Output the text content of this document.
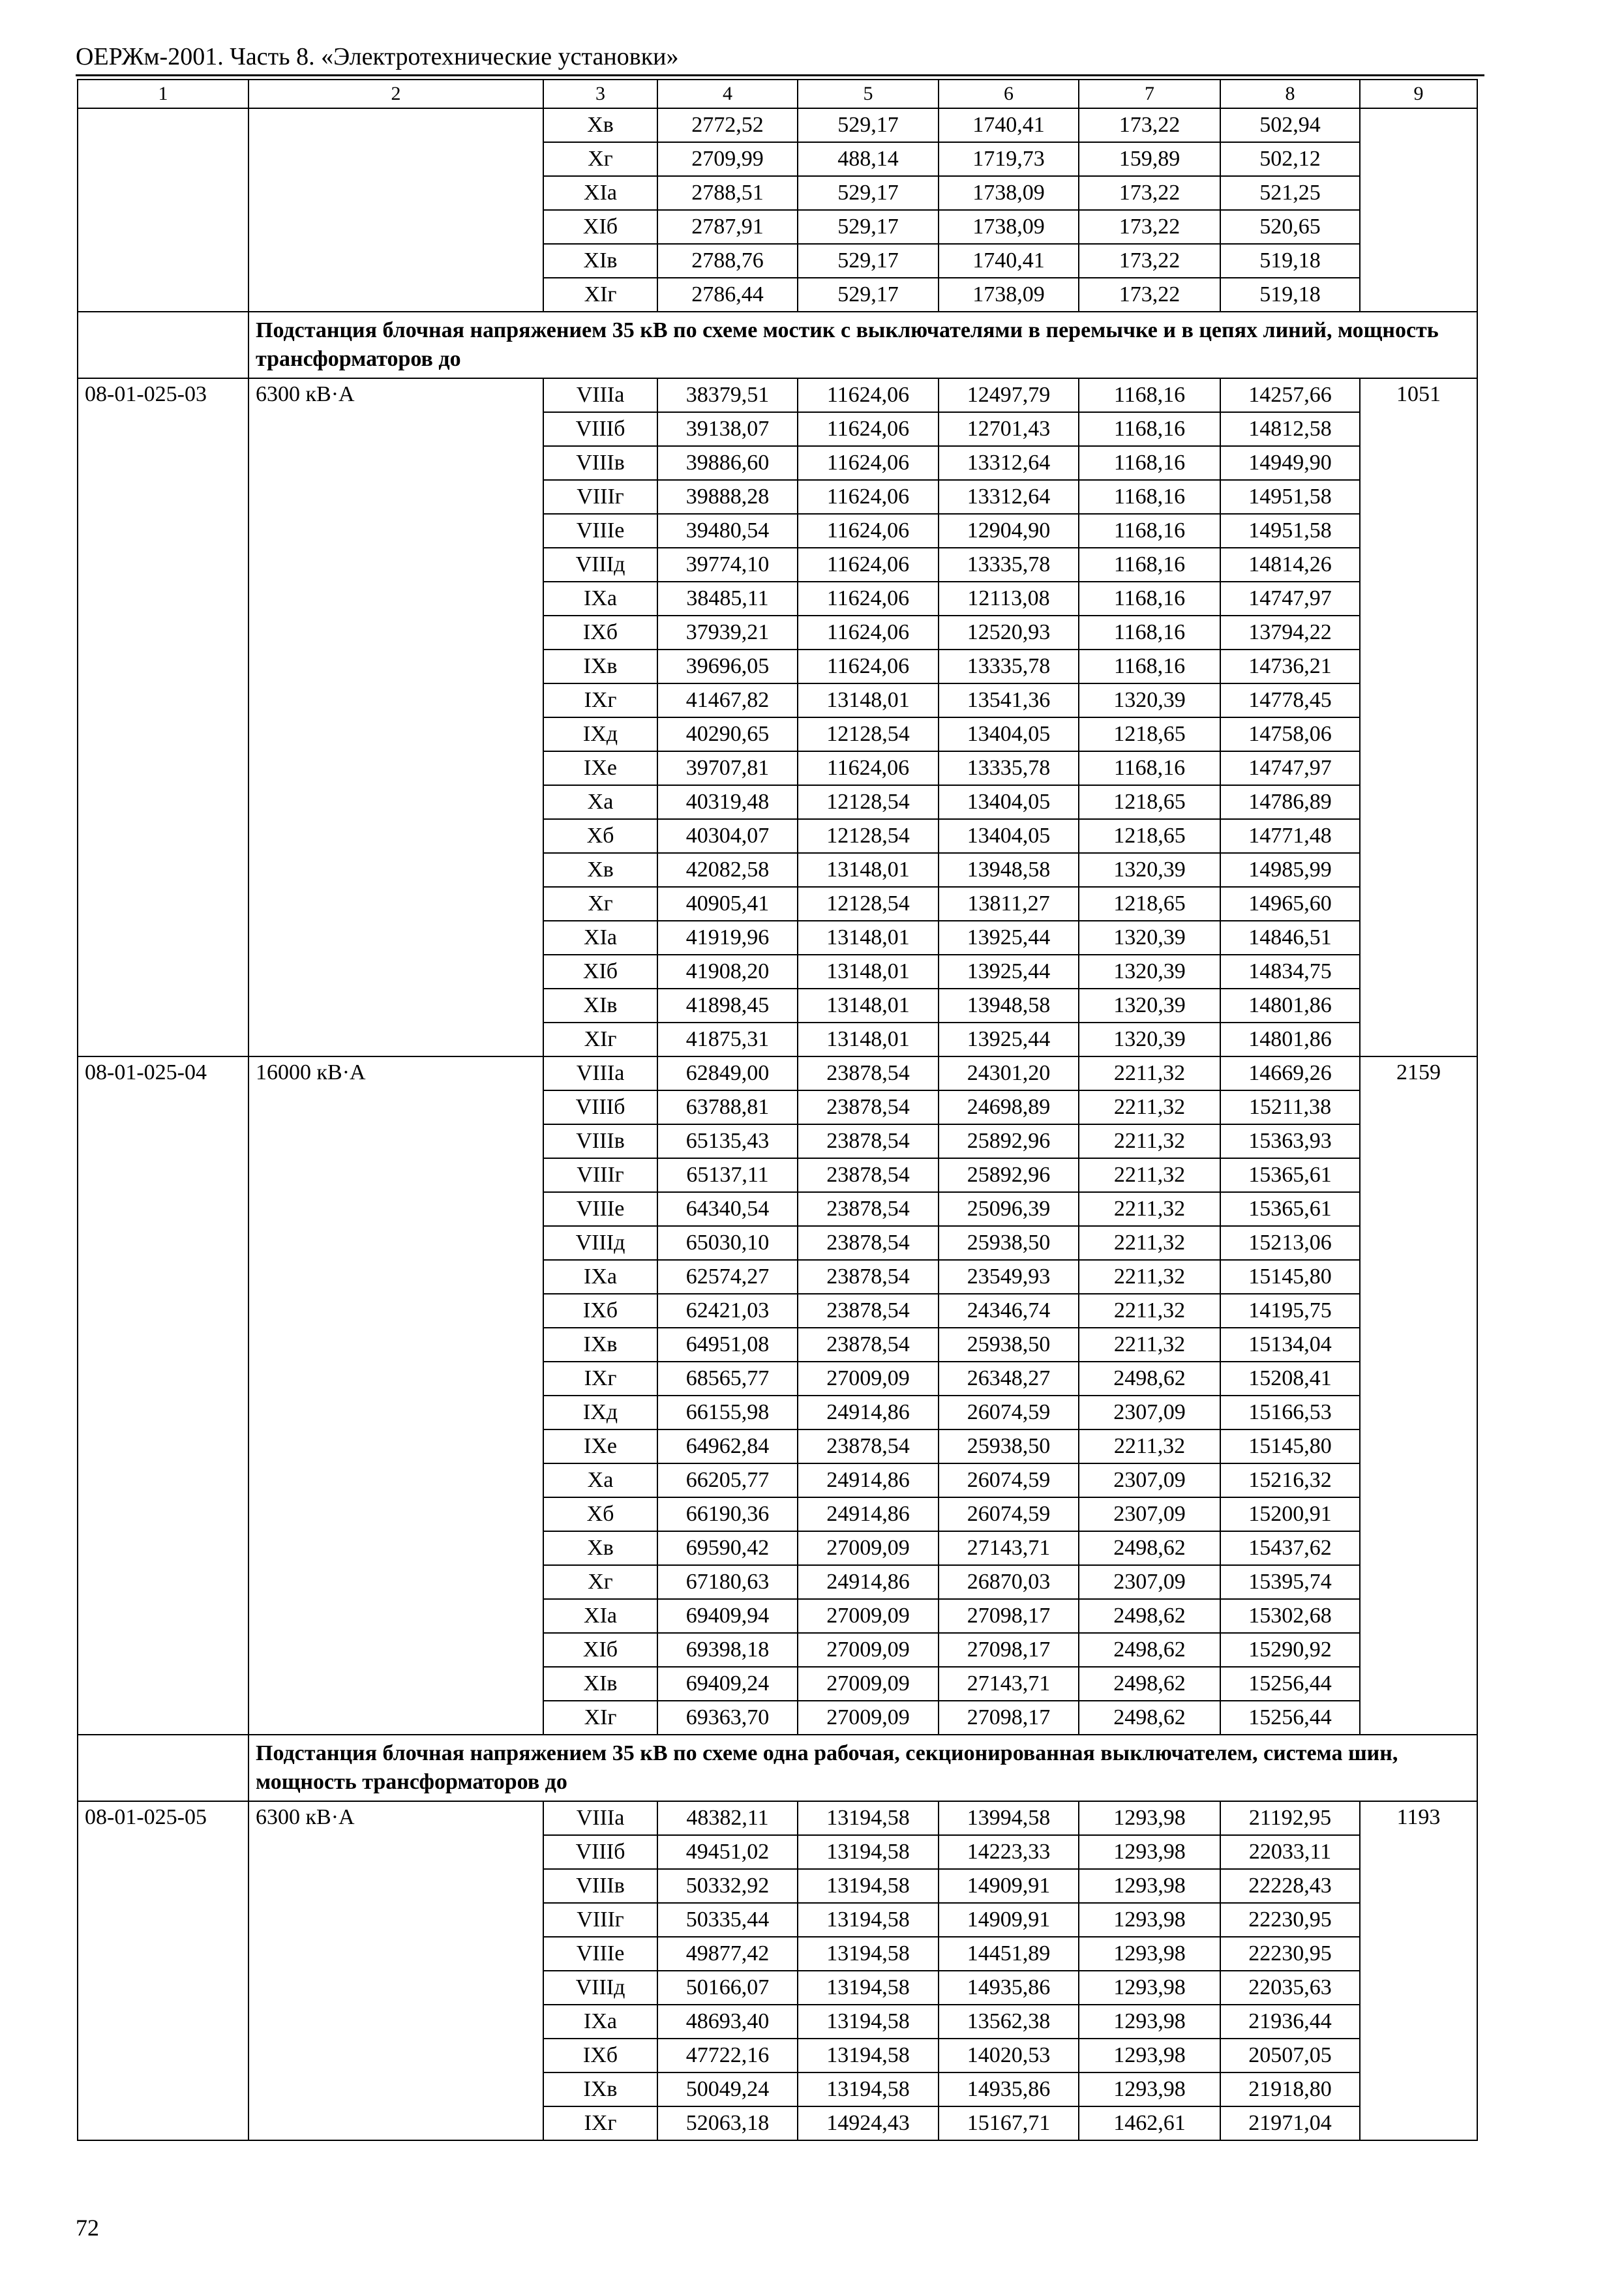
ОЕРЖм-2001. Часть 8. «Электротехнические установки»
1	2	3	4	5	6	7	8	9
		Хв	2772,52	529,17	1740,41	173,22	502,94	
		Хг	2709,99	488,14	1719,73	159,89	502,12	
		ХIа	2788,51	529,17	1738,09	173,22	521,25	
		ХIб	2787,91	529,17	1738,09	173,22	520,65	
		ХIв	2788,76	529,17	1740,41	173,22	519,18	
		ХIг	2786,44	529,17	1738,09	173,22	519,18	
	Подстанция блочная напряжением 35 кВ по схеме мостик с выключателями в перемычке и в цепях линий, мощность трансформаторов до							
08-01-025-03	6300 кВ·А	VIIIа	38379,51	11624,06	12497,79	1168,16	14257,66	1051
		VIIIб	39138,07	11624,06	12701,43	1168,16	14812,58	
		VIIIв	39886,60	11624,06	13312,64	1168,16	14949,90	
		VIIIг	39888,28	11624,06	13312,64	1168,16	14951,58	
		VIIIе	39480,54	11624,06	12904,90	1168,16	14951,58	
		VIIIд	39774,10	11624,06	13335,78	1168,16	14814,26	
		IХа	38485,11	11624,06	12113,08	1168,16	14747,97	
		IХб	37939,21	11624,06	12520,93	1168,16	13794,22	
		IХв	39696,05	11624,06	13335,78	1168,16	14736,21	
		IХг	41467,82	13148,01	13541,36	1320,39	14778,45	
		IХд	40290,65	12128,54	13404,05	1218,65	14758,06	
		IХе	39707,81	11624,06	13335,78	1168,16	14747,97	
		Ха	40319,48	12128,54	13404,05	1218,65	14786,89	
		Хб	40304,07	12128,54	13404,05	1218,65	14771,48	
		Хв	42082,58	13148,01	13948,58	1320,39	14985,99	
		Хг	40905,41	12128,54	13811,27	1218,65	14965,60	
		ХIа	41919,96	13148,01	13925,44	1320,39	14846,51	
		ХIб	41908,20	13148,01	13925,44	1320,39	14834,75	
		ХIв	41898,45	13148,01	13948,58	1320,39	14801,86	
		ХIг	41875,31	13148,01	13925,44	1320,39	14801,86	
08-01-025-04	16000 кВ·А	VIIIа	62849,00	23878,54	24301,20	2211,32	14669,26	2159
		VIIIб	63788,81	23878,54	24698,89	2211,32	15211,38	
		VIIIв	65135,43	23878,54	25892,96	2211,32	15363,93	
		VIIIг	65137,11	23878,54	25892,96	2211,32	15365,61	
		VIIIе	64340,54	23878,54	25096,39	2211,32	15365,61	
		VIIIд	65030,10	23878,54	25938,50	2211,32	15213,06	
		IХа	62574,27	23878,54	23549,93	2211,32	15145,80	
		IХб	62421,03	23878,54	24346,74	2211,32	14195,75	
		IХв	64951,08	23878,54	25938,50	2211,32	15134,04	
		IХг	68565,77	27009,09	26348,27	2498,62	15208,41	
		IХд	66155,98	24914,86	26074,59	2307,09	15166,53	
		IХе	64962,84	23878,54	25938,50	2211,32	15145,80	
		Ха	66205,77	24914,86	26074,59	2307,09	15216,32	
		Хб	66190,36	24914,86	26074,59	2307,09	15200,91	
		Хв	69590,42	27009,09	27143,71	2498,62	15437,62	
		Хг	67180,63	24914,86	26870,03	2307,09	15395,74	
		ХIа	69409,94	27009,09	27098,17	2498,62	15302,68	
		ХIб	69398,18	27009,09	27098,17	2498,62	15290,92	
		ХIв	69409,24	27009,09	27143,71	2498,62	15256,44	
		ХIг	69363,70	27009,09	27098,17	2498,62	15256,44	
	Подстанция блочная напряжением 35 кВ по схеме одна рабочая, секционированная выключателем, система шин, мощность трансформаторов до							
08-01-025-05	6300 кВ·А	VIIIа	48382,11	13194,58	13994,58	1293,98	21192,95	1193
		VIIIб	49451,02	13194,58	14223,33	1293,98	22033,11	
		VIIIв	50332,92	13194,58	14909,91	1293,98	22228,43	
		VIIIг	50335,44	13194,58	14909,91	1293,98	22230,95	
		VIIIе	49877,42	13194,58	14451,89	1293,98	22230,95	
		VIIIд	50166,07	13194,58	14935,86	1293,98	22035,63	
		IХа	48693,40	13194,58	13562,38	1293,98	21936,44	
		IХб	47722,16	13194,58	14020,53	1293,98	20507,05	
		IХв	50049,24	13194,58	14935,86	1293,98	21918,80	
		IХг	52063,18	14924,43	15167,71	1462,61	21971,04	
72
